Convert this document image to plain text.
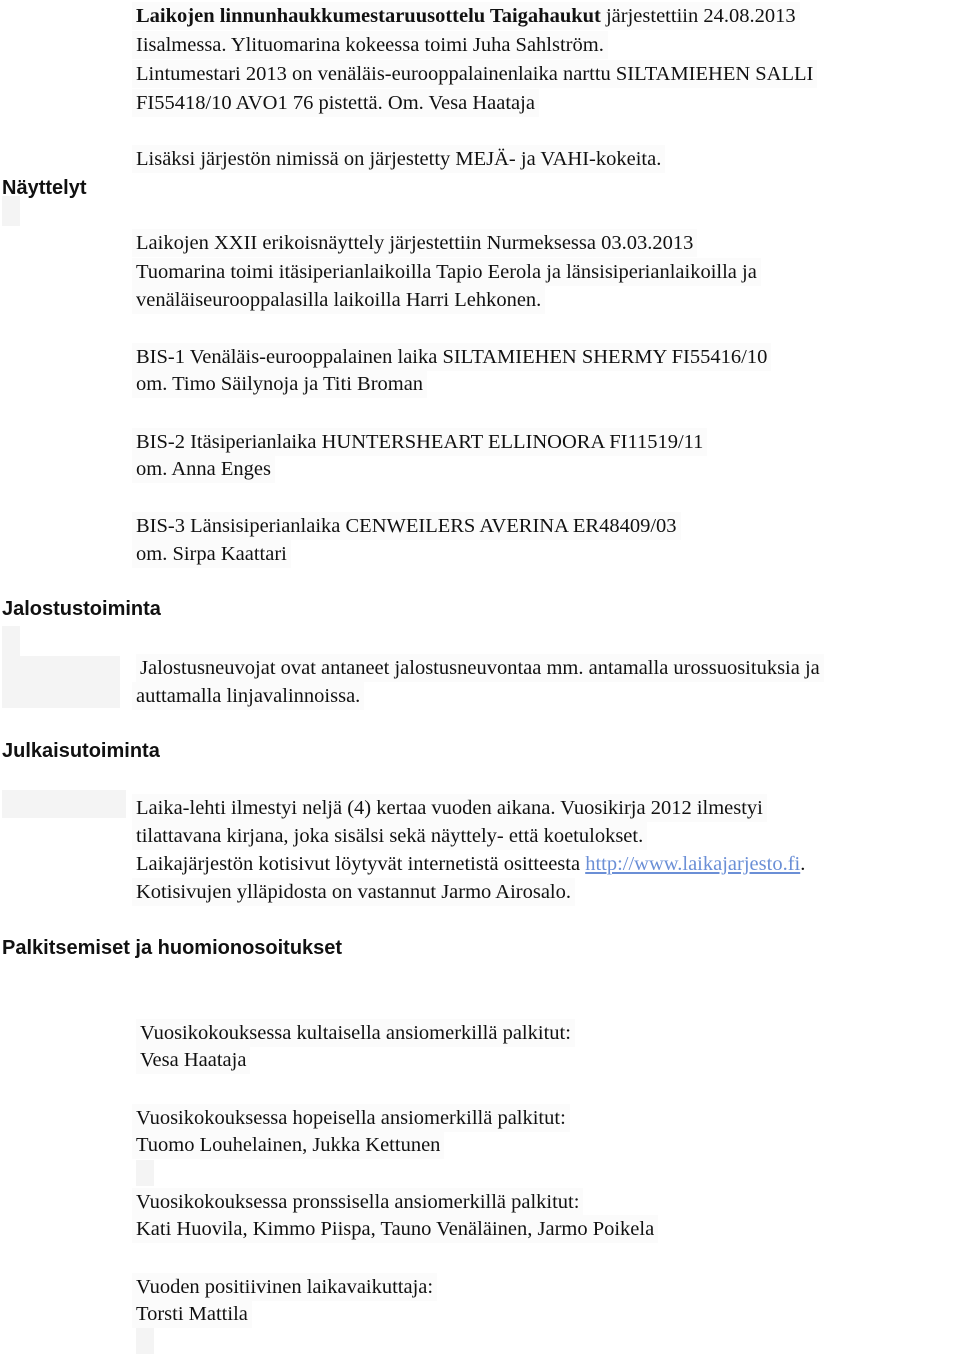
Näyttelyt
Jalostustoiminta
Julkaisutoiminta
Palkitsemiset ja huomionosoitukset
Laikojen linnunhaukkumestaruusottelu Taigahaukut järjestettiin 24.08.2013
Iisalmessa. Ylituomarina kokeessa toimi Juha Sahlström.
Lintumestari 2013 on venäläis-eurooppalainenlaika narttu SILTAMIEHEN SALLI
FI55418/10 AVO1 76 pistettä. Om. Vesa Haataja
Lisäksi järjestön nimissä on järjestetty MEJÄ- ja VAHI-kokeita.
Laikojen XXII erikoisnäyttely järjestettiin Nurmeksessa 03.03.2013
Tuomarina toimi itäsiperianlaikoilla Tapio Eerola ja länsisiperianlaikoilla ja
venäläiseurooppalasilla laikoilla Harri Lehkonen.
BIS-1 Venäläis-eurooppalainen laika SILTAMIEHEN SHERMY FI55416/10
om. Timo Säilynoja ja Titi Broman
BIS-2 Itäsiperianlaika HUNTERSHEART ELLINOORA FI11519/11
om. Anna Enges
BIS-3 Länsisiperianlaika CENWEILERS AVERINA ER48409/03
om. Sirpa Kaattari
Jalostusneuvojat ovat antaneet jalostusneuvontaa mm. antamalla urossuosituksia ja
auttamalla linjavalinnoissa.
Laika-lehti ilmestyi neljä (4) kertaa vuoden aikana. Vuosikirja 2012 ilmestyi
tilattavana kirjana, joka sisälsi sekä näyttely- että koetulokset.
Laikajärjestön kotisivut löytyvät internetistä ositteesta http://www.laikajarjesto.fi.
Kotisivujen ylläpidosta on vastannut Jarmo Airosalo.
Vuosikokouksessa kultaisella ansiomerkillä palkitut:
Vesa Haataja
Vuosikokouksessa hopeisella ansiomerkillä palkitut:
Tuomo Louhelainen, Jukka Kettunen
Vuosikokouksessa pronssisella ansiomerkillä palkitut:
Kati Huovila, Kimmo Piispa, Tauno Venäläinen, Jarmo Poikela
Vuoden positiivinen laikavaikuttaja:
Torsti Mattila
